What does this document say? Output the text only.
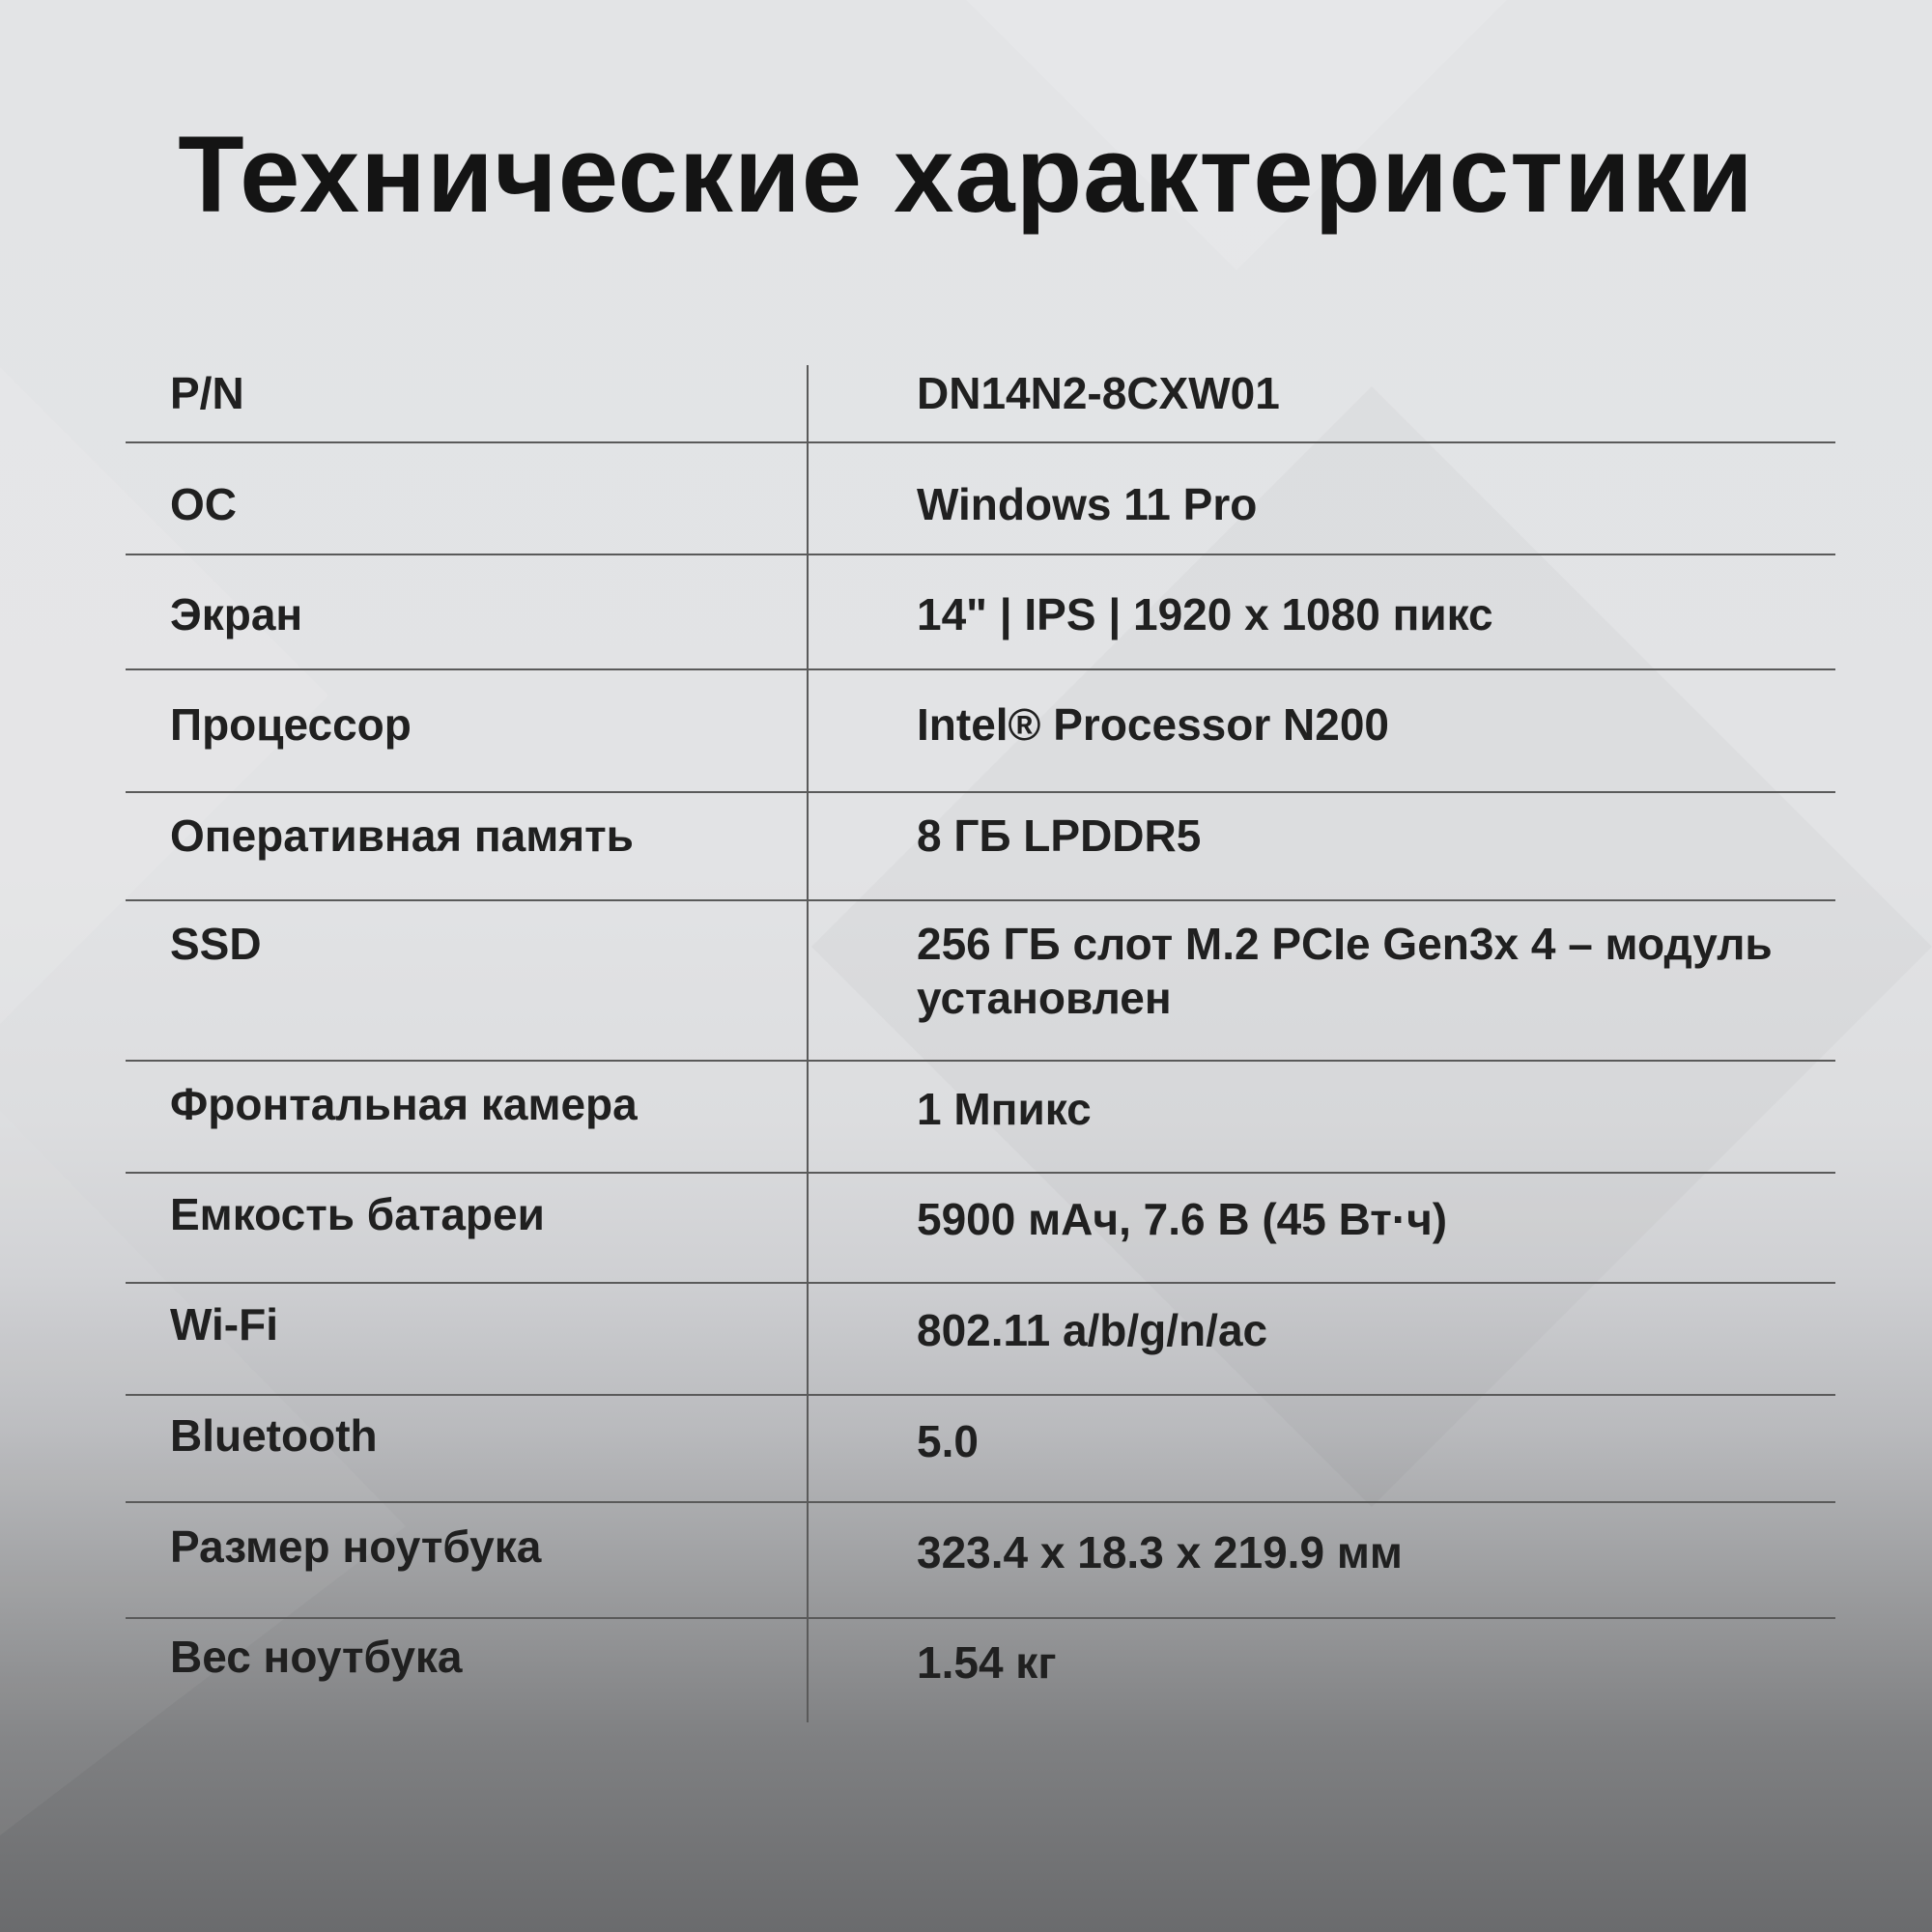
Технические характеристики
P/N	DN14N2-8CXW01
ОС	Windows 11 Pro
Экран	14" | IPS | 1920 x 1080 пикс
Процессор	Intel® Processor N200
Оперативная память	8 ГБ LPDDR5
SSD	256 ГБ слот M.2 PCIe Gen3x 4 – модуль установлен
Фронтальная камера	1 Мпикс
Емкость батареи	5900 мАч, 7.6 В (45 Вт·ч)
Wi-Fi	802.11 a/b/g/n/ac
Bluetooth	5.0
Размер ноутбука	323.4 x 18.3 x 219.9 мм
Вес ноутбука	1.54 кг
